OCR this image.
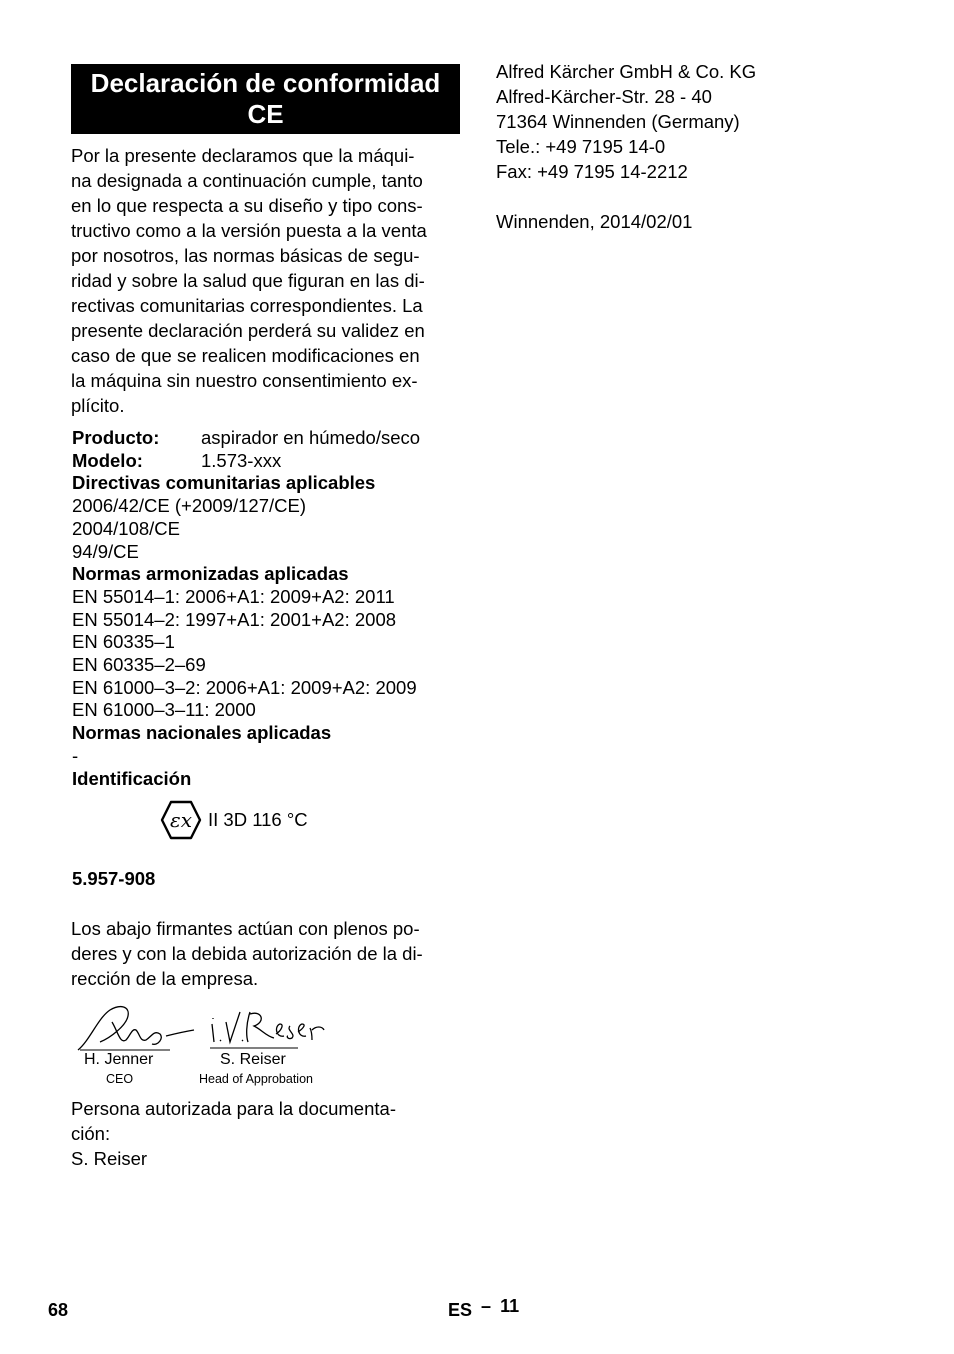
Declaración de conformidad
CE
Por la presente declaramos que la máqui-
na designada a continuación cumple, tanto
en lo que respecta a su diseño y tipo cons-
tructivo como a la versión puesta a la venta
por nosotros, las normas básicas de segu-
ridad y sobre la salud que figuran en las di-
rectivas comunitarias correspondientes. La
presente declaración perderá su validez en
caso de que se realicen modificaciones en
la máquina sin nuestro consentimiento ex-
plícito.
Producto:	aspirador en húmedo/seco
Modelo:	1.573-xxx
Directivas comunitarias aplicables
2006/42/CE (+2009/127/CE)
2004/108/CE
94/9/CE
Normas armonizadas aplicadas
EN 55014–1: 2006+A1: 2009+A2: 2011
EN 55014–2: 1997+A1: 2001+A2: 2008
EN 60335–1
EN 60335–2–69
EN 61000–3–2: 2006+A1: 2009+A2: 2009
EN 61000–3–11: 2000
Normas nacionales aplicadas
-
Identificación
εx II 3D 116 °C
5.957-908
Los abajo firmantes actúan con plenos po-
deres y con la debida autorización de la di-
rección de la empresa.
H. Jenner
CEO
S. Reiser
Head of Approbation
Persona autorizada para la documenta-
ción:
S. Reiser
Alfred Kärcher GmbH & Co. KG
Alfred-Kärcher-Str. 28 - 40
71364 Winnenden (Germany)
Tele.: +49 7195 14-0
Fax: +49 7195 14-2212
Winnenden, 2014/02/01
68	ES – 11
